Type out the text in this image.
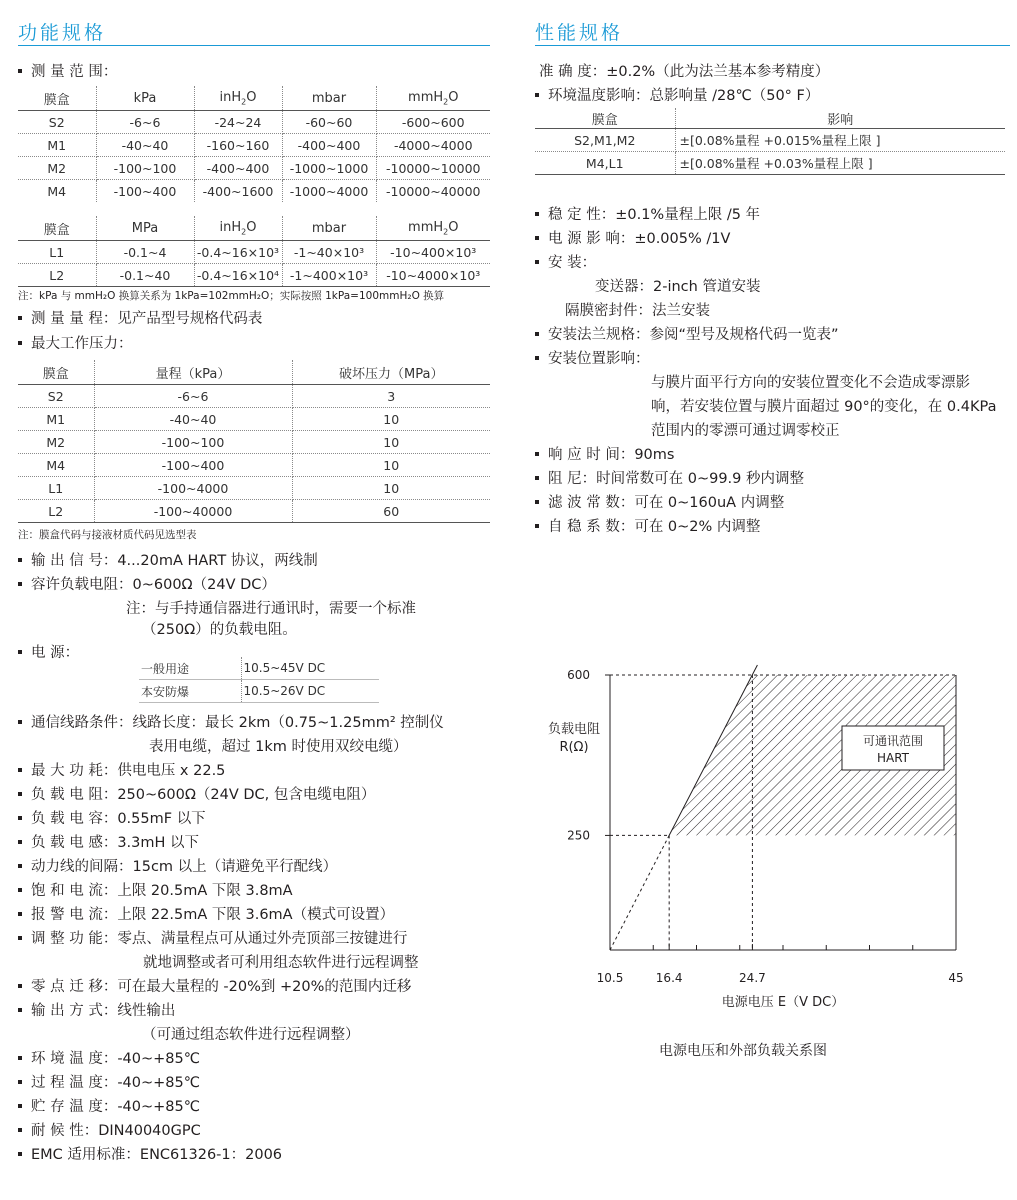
功能规格
测 量 范 围：
膜盒	kPa	inH$_2$O	mbar	mmH$_2$O
S2	-6~6	-24~24	-60~60	-600~600
M1	-40~40	-160~160	-400~400	-4000~4000
M2	-100~100	-400~400	-1000~1000	-10000~10000
M4	-100~400	-400~1600	-1000~4000	-10000~40000
膜盒	MPa	inH$_2$O	mbar	mmH$_2$O
L1	-0.1~4	-0.4~16×10³	-1~40×10³	-10~400×10³
L2	-0.1~40	-0.4~16×10⁴	-1~400×10³	-10~4000×10³
注：kPa 与 mmH₂O 换算关系为 1kPa=102mmH₂O；实际按照 1kPa=100mmH₂O 换算
测 量 量 程：见产品型号规格代码表
最大工作压力：
膜盒	量程（kPa）	破坏压力（MPa）
S2	-6~6	3
M1	-40~40	10
M2	-100~100	10
M4	-100~400	10
L1	-100~4000	10
L2	-100~40000	60
注：膜盒代码与接液材质代码见选型表
输 出 信 号：4...20mA HART 协议，两线制
容许负载电阻：0~600Ω（24V DC）
注：与手持通信器进行通讯时，需要一个标准
（250Ω）的负载电阻。
电 源：
一般用途	10.5~45V DC
本安防爆	10.5~26V DC
通信线路条件：线路长度：最长 2km（0.75~1.25mm² 控制仪
表用电缆，超过 1km 时使用双绞电缆）
最 大 功 耗：供电电压 x 22.5
负 载 电 阻：250~600Ω（24V DC, 包含电缆电阻）
负 载 电 容：0.55mF 以下
负 载 电 感：3.3mH 以下
动力线的间隔：15cm 以上（请避免平行配线）
饱 和 电 流：上限 20.5mA 下限 3.8mA
报 警 电 流：上限 22.5mA 下限 3.6mA（模式可设置）
调 整 功 能：零点、满量程点可从通过外壳顶部三按键进行
就地调整或者可利用组态软件进行远程调整
零 点 迁 移：可在最大量程的 -20%到 +20%的范围内迁移
输 出 方 式：线性输出
（可通过组态软件进行远程调整）
环 境 温 度：-40~+85℃
过 程 温 度：-40~+85℃
贮 存 温 度：-40~+85℃
耐 候 性：DIN40040GPC
EMC 适用标准：ENC61326-1：2006
性能规格
准 确 度：±0.2%（此为法兰基本参考精度）
环境温度影响：总影响量 /28℃（50° F）
膜盒	影响
S2,M1,M2	±[0.08%量程 +0.015%量程上限 ]
M4,L1	±[0.08%量程 +0.03%量程上限 ]
稳 定 性：±0.1%量程上限 /5 年
电 源 影 响：±0.005% /1V
安 装：
变送器：2-inch 管道安装
隔膜密封件：法兰安装
安装法兰规格：参阅“型号及规格代码一览表”
安装位置影响：
与膜片面平行方向的安装位置变化不会造成零漂影
响，若安装位置与膜片面超过 90°的变化，在 0.4KPa
范围内的零漂可通过调零校正
响 应 时 间：90ms
阻 尼：时间常数可在 0~99.9 秒内调整
滤 波 常 数：可在 0~160uA 内调整
自 稳 系 数：可在 0~2% 内调整
10.5	16.4	24.7	45
600
250
可通讯范围
HART
负载电阻
R(Ω)
电源电压 E（V DC）
电源电压和外部负载关系图
